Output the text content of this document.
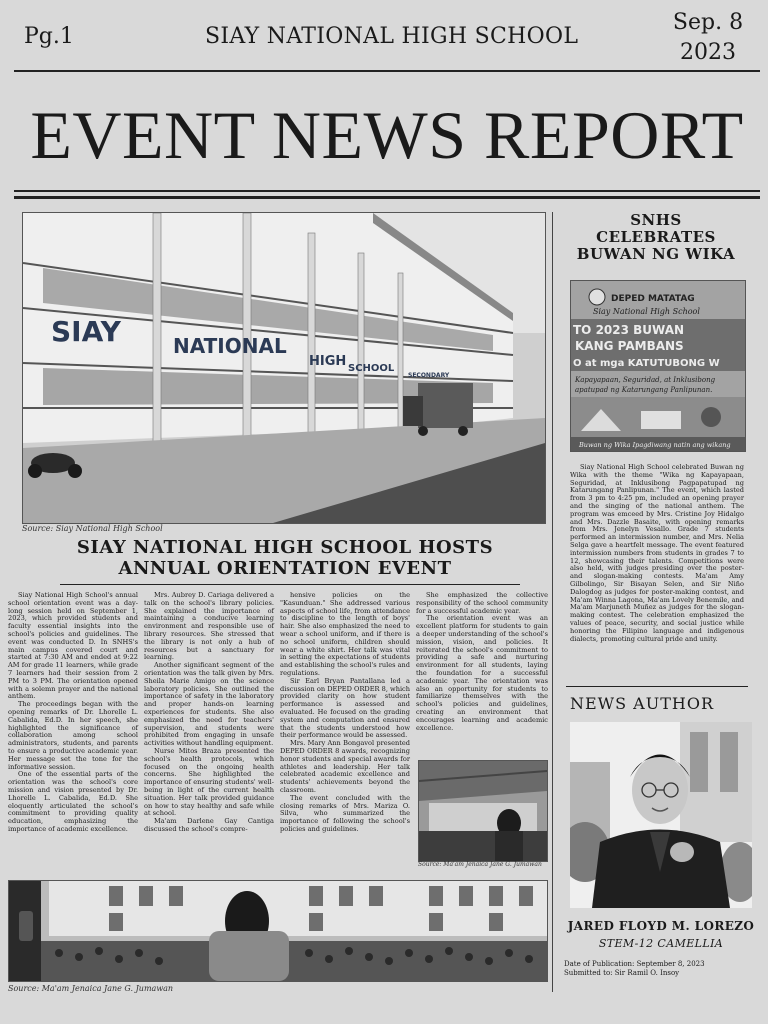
Pg.1	SIAY NATIONAL HIGH SCHOOL
Sep. 8
2023
EVENT NEWS REPORT
SIAY	NATIONAL
HIGH SCHOOL
SECONDARY
Source: Siay National High School
SIAY NATIONAL HIGH SCHOOL HOSTS
ANNUAL ORIENTATION EVENT

Siay National High School's annual school orientation event was a day-long session held on September 1, 2023, which provided students and faculty essential insights into the school's policies and guidelines. The event was conducted D. In SNHS's main campus covered court and started at 7:30 AM and ended at 9:22 AM for grade 11 learners, while grade 7 learners had their session from 2 PM to 3 PM. The orientation opened with a solemn prayer and the national anthem.

The proceedings began with the opening remarks of Dr. Lhorelle L. Cabalida, Ed.D. In her speech, she highlighted the significance of collaboration among school administrators, students, and parents to ensure a productive academic year. Her message set the tone for the informative session.

One of the essential parts of the orientation was the school's core mission and vision presented by Dr. Lhorelle L. Cabalida, Ed.D. She eloquently articulated the school's commitment to providing quality education, emphasizing the importance of academic excellence.

Mrs. Aubrey D. Cariaga delivered a talk on the school's library policies. She explained the importance of maintaining a conducive learning environment and responsible use of library resources. She stressed that the library is not only a hub of resources but a sanctuary for learning.

Another significant segment of the orientation was the talk given by Mrs. Sheila Marie Amigo on the science laboratory policies. She outlined the importance of safety in the laboratory and proper hands-on learning experiences for students. She also emphasized the need for teachers' supervision, and students were prohibited from engaging in unsafe activities without handling equipment.

Nurse Mitos Braza presented the school's health protocols, which focused on the ongoing health concerns. She highlighted the importance of ensuring students' well-being in light of the current health situation. Her talk provided guidance on how to stay healthy and safe while at school.

Ma'am Darlene Gay Cantiga discussed the school's compre-

hensive policies on the "Kasunduan." She addressed various aspects of school life, from attendance to discipline to the length of boys' hair. She also emphasized the need to wear a school uniform, and if there is no school uniform, children should wear a white shirt. Her talk was vital in setting the expectations of students and establishing the school's rules and regulations.

Sir Earl Bryan Pantallana led a discussion on DEPED ORDER 8, which provided clarity on how student performance is assessed and evaluated. He focused on the grading system and computation and ensured that the students understood how their performance would be assessed.

Mrs. Mary Ann Bongavol presented DEPED ORDER 8 awards, recognizing honor students and special awards for athletes and leadership. Her talk celebrated academic excellence and students' achievements beyond the classroom.

The event concluded with the closing remarks of Mrs. Mariza O. Silva, who summarized the importance of following the school's policies and guidelines.

She emphasized the collective responsibility of the school community for a successful academic year.

The orientation event was an excellent platform for students to gain a deeper understanding of the school's mission, vision, and policies. It reiterated the school's commitment to providing a safe and nurturing environment for all students, laying the foundation for a successful academic year. The orientation was also an opportunity for students to familiarize themselves with the school's policies and guidelines, creating an environment that encourages learning and academic excellence.

Source: Ma'am Jenaica Jane G. Jumawan
Source: Ma'am Jenaica Jane G. Jumawan
SNHS
CELEBRATES
BUWAN NG WIKA
DEPED MATATAG
Siay National High School
TO 2023 BUWAN
KANG PAMBANS
O at mga KATUTUBONG W
Kapayapaan, Seguridad, at Inklusibong
apatupad ng Katarungang Panlipunan.
Buwan ng Wika Ipagdiwang natin ang wikang

Siay National High School celebrated Buwan ng Wika with the theme "Wika ng Kapayapaan, Seguridad, at Inklusibong Pagpapatupad ng Katarungang Panlipunan." The event, which lasted from 3 pm to 4:25 pm, included an opening prayer and the singing of the national anthem. The program was emceed by Mrs. Cristine Joy Hidalgo and Mrs. Dazzle Basaite, with opening remarks from Mrs. Jenelyn Vesallo. Grade 7 students performed an intermission number, and Mrs. Nelia Selga gave a heartfelt message. The event featured intermission numbers from students in grades 7 to 12, showcasing their talents. Competitions were also held, with judges presiding over the poster- and slogan-making contests. Ma'am Amy Gilbolingo, Sir Bisayan Selen, and Sir Niño Dalogdog as judges for poster-making contest, and Ma'am Winna Lagona, Ma'am Lovely Benemile, and Ma'am Marjuneth Muñez as judges for the slogan-making contest. The celebration emphasized the values of peace, security, and social justice while honoring the Filipino language and indigenous dialects, promoting cultural pride and unity.

NEWS AUTHOR
JARED FLOYD M. LOREZO
STEM-12 CAMELLIA
Date of Publication: September 8, 2023
Submitted to: Sir Ramil O. Insoy
